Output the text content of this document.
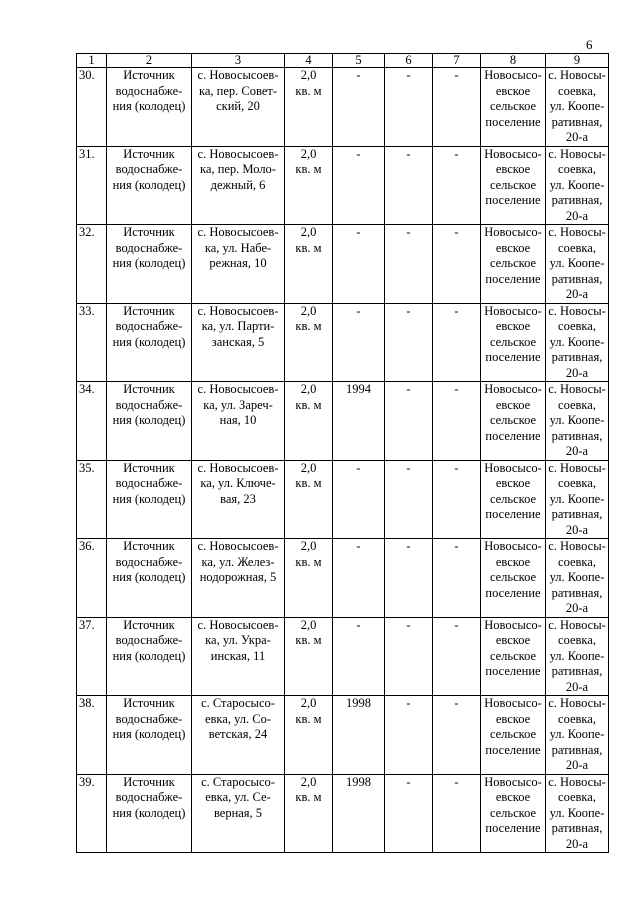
6
1	2	3	4	5	6	7	8	9

30.	Источник
водоснабже-
ния (колодец)	с. Новосысоев-
ка, пер. Совет-
ский, 20	2,0
кв. м	-	-	-	Новосысо-
евское
сельское
поселение	с. Новосы-
соевка,
ул. Коопе-
ративная,
20-а

31.	Источник
водоснабже-
ния (колодец)	с. Новосысоев-
ка, пер. Моло-
дежный, 6	2,0
кв. м	-	-	-	Новосысо-
евское
сельское
поселение	с. Новосы-
соевка,
ул. Коопе-
ративная,
20-а

32.	Источник
водоснабже-
ния (колодец)	с. Новосысоев-
ка, ул. Набе-
режная, 10	2,0
кв. м	-	-	-	Новосысо-
евское
сельское
поселение	с. Новосы-
соевка,
ул. Коопе-
ративная,
20-а

33.	Источник
водоснабже-
ния (колодец)	с. Новосысоев-
ка, ул. Парти-
занская, 5	2,0
кв. м	-	-	-	Новосысо-
евское
сельское
поселение	с. Новосы-
соевка,
ул. Коопе-
ративная,
20-а

34.	Источник
водоснабже-
ния (колодец)	с. Новосысоев-
ка, ул. Зареч-
ная, 10	2,0
кв. м	1994	-	-	Новосысо-
евское
сельское
поселение	с. Новосы-
соевка,
ул. Коопе-
ративная,
20-а

35.	Источник
водоснабже-
ния (колодец)	с. Новосысоев-
ка, ул. Ключе-
вая, 23	2,0
кв. м	-	-	-	Новосысо-
евское
сельское
поселение	с. Новосы-
соевка,
ул. Коопе-
ративная,
20-а

36.	Источник
водоснабже-
ния (колодец)	с. Новосысоев-
ка, ул. Желез-
нодорожная, 5	2,0
кв. м	-	-	-	Новосысо-
евское
сельское
поселение	с. Новосы-
соевка,
ул. Коопе-
ративная,
20-а

37.	Источник
водоснабже-
ния (колодец)	с. Новосысоев-
ка, ул. Укра-
инская, 11	2,0
кв. м	-	-	-	Новосысо-
евское
сельское
поселение	с. Новосы-
соевка,
ул. Коопе-
ративная,
20-а

38.	Источник
водоснабже-
ния (колодец)	с. Старосысо-
евка, ул. Со-
ветская, 24	2,0
кв. м	1998	-	-	Новосысо-
евское
сельское
поселение	с. Новосы-
соевка,
ул. Коопе-
ративная,
20-а

39.	Источник
водоснабже-
ния (колодец)	с. Старосысо-
евка, ул. Се-
верная, 5	2,0
кв. м	1998	-	-	Новосысо-
евское
сельское
поселение	с. Новосы-
соевка,
ул. Коопе-
ративная,
20-а
